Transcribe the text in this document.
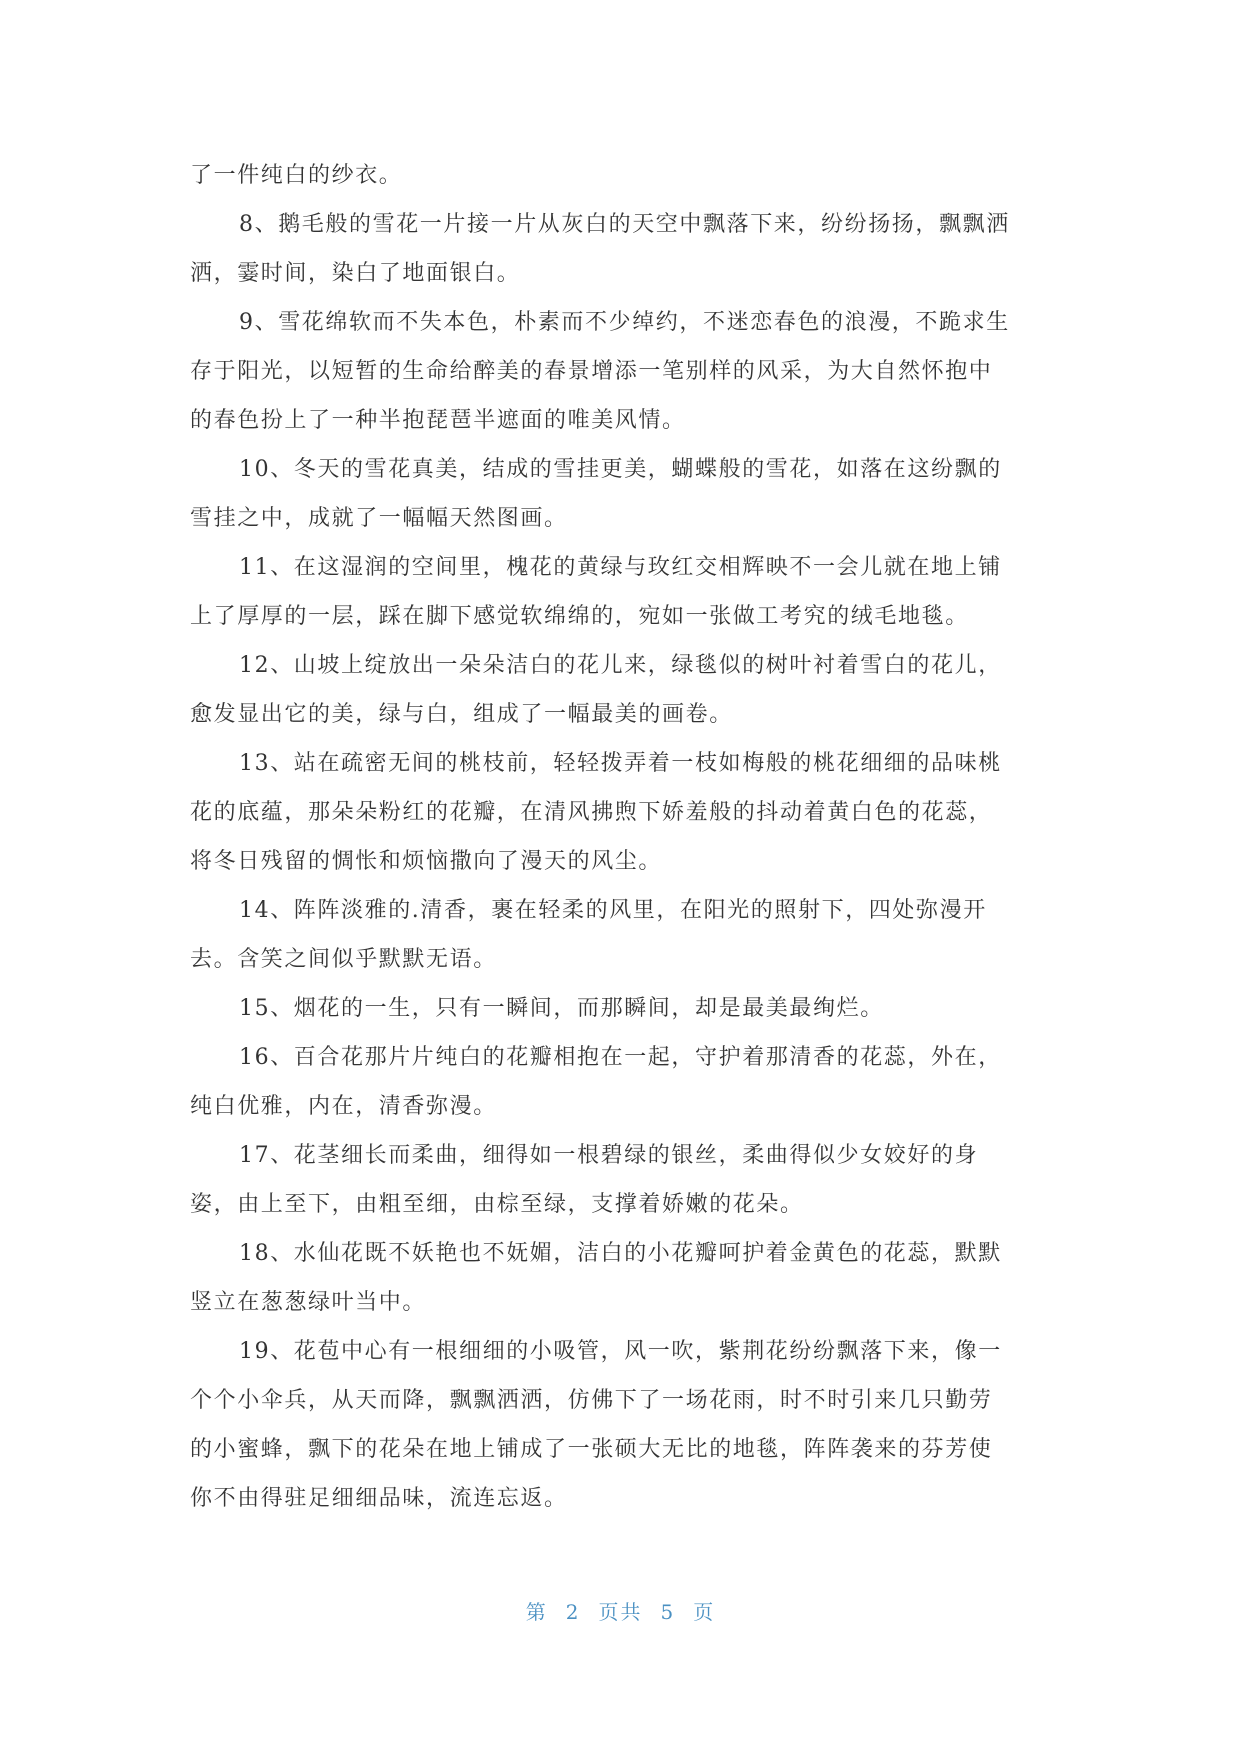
了一件纯白的纱衣。
8、鹅毛般的雪花一片接一片从灰白的天空中飘落下来，纷纷扬扬，飘飘洒
洒，霎时间，染白了地面银白。
9、雪花绵软而不失本色，朴素而不少绰约，不迷恋春色的浪漫，不跪求生
存于阳光，以短暂的生命给醉美的春景增添一笔别样的风采，为大自然怀抱中
的春色扮上了一种半抱琵琶半遮面的唯美风情。
10、冬天的雪花真美，结成的雪挂更美，蝴蝶般的雪花，如落在这纷飘的
雪挂之中，成就了一幅幅天然图画。
11、在这湿润的空间里，槐花的黄绿与玫红交相辉映不一会儿就在地上铺
上了厚厚的一层，踩在脚下感觉软绵绵的，宛如一张做工考究的绒毛地毯。
12、山坡上绽放出一朵朵洁白的花儿来，绿毯似的树叶衬着雪白的花儿，
愈发显出它的美，绿与白，组成了一幅最美的画卷。
13、站在疏密无间的桃枝前，轻轻拨弄着一枝如梅般的桃花细细的品味桃
花的底蕴，那朵朵粉红的花瓣，在清风拂煦下娇羞般的抖动着黄白色的花蕊，
将冬日残留的惆怅和烦恼撒向了漫天的风尘。
14、阵阵淡雅的.清香，裹在轻柔的风里，在阳光的照射下，四处弥漫开
去。含笑之间似乎默默无语。
15、烟花的一生，只有一瞬间，而那瞬间，却是最美最绚烂。
16、百合花那片片纯白的花瓣相抱在一起，守护着那清香的花蕊，外在，
纯白优雅，内在，清香弥漫。
17、花茎细长而柔曲，细得如一根碧绿的银丝，柔曲得似少女姣好的身
姿，由上至下，由粗至细，由棕至绿，支撑着娇嫩的花朵。
18、水仙花既不妖艳也不妩媚，洁白的小花瓣呵护着金黄色的花蕊，默默
竖立在葱葱绿叶当中。
19、花苞中心有一根细细的小吸管，风一吹，紫荆花纷纷飘落下来，像一
个个小伞兵，从天而降，飘飘洒洒，仿佛下了一场花雨，时不时引来几只勤劳
的小蜜蜂，飘下的花朵在地上铺成了一张硕大无比的地毯，阵阵袭来的芬芳使
你不由得驻足细细品味，流连忘返。
第 2 页共 5 页
